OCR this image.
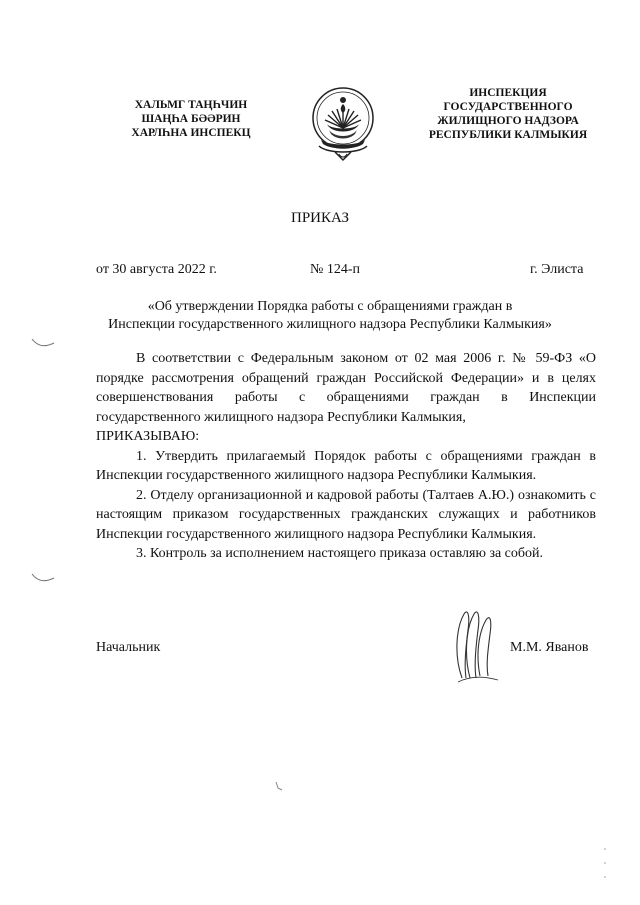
ХАЛЬМГ ТАҢҺЧИН
ШАҢҺА БӘӘРИН
ХАРЛҺНА ИНСПЕКЦ
ИНСПЕКЦИЯ
ГОСУДАРСТВЕННОГО
ЖИЛИЩНОГО НАДЗОРА
РЕСПУБЛИКИ КАЛМЫКИЯ
ПРИКАЗ
от 30 августа 2022 г.	№ 124-п	г. Элиста
«Об утверждении Порядка работы с обращениями граждан в
Инспекции государственного жилищного надзора Республики Калмыкия»

В соответствии с Федеральным законом от 02 мая 2006 г. № 59-ФЗ «О порядке рассмотрения обращений граждан Российской Федерации» и в целях совершенствования работы с обращениями граждан в Инспекции государственного жилищного надзора Республики Калмыкия,

ПРИКАЗЫВАЮ:

1. Утвердить прилагаемый Порядок работы с обращениями граждан в Инспекции государственного жилищного надзора Республики Калмыкия.

2. Отделу организационной и кадровой работы (Талтаев А.Ю.) ознакомить с настоящим приказом государственных гражданских служащих и работников Инспекции государственного жилищного надзора Республики Калмыкия.

3. Контроль за исполнением настоящего приказа оставляю за собой.

Начальник	М.М. Яванов
